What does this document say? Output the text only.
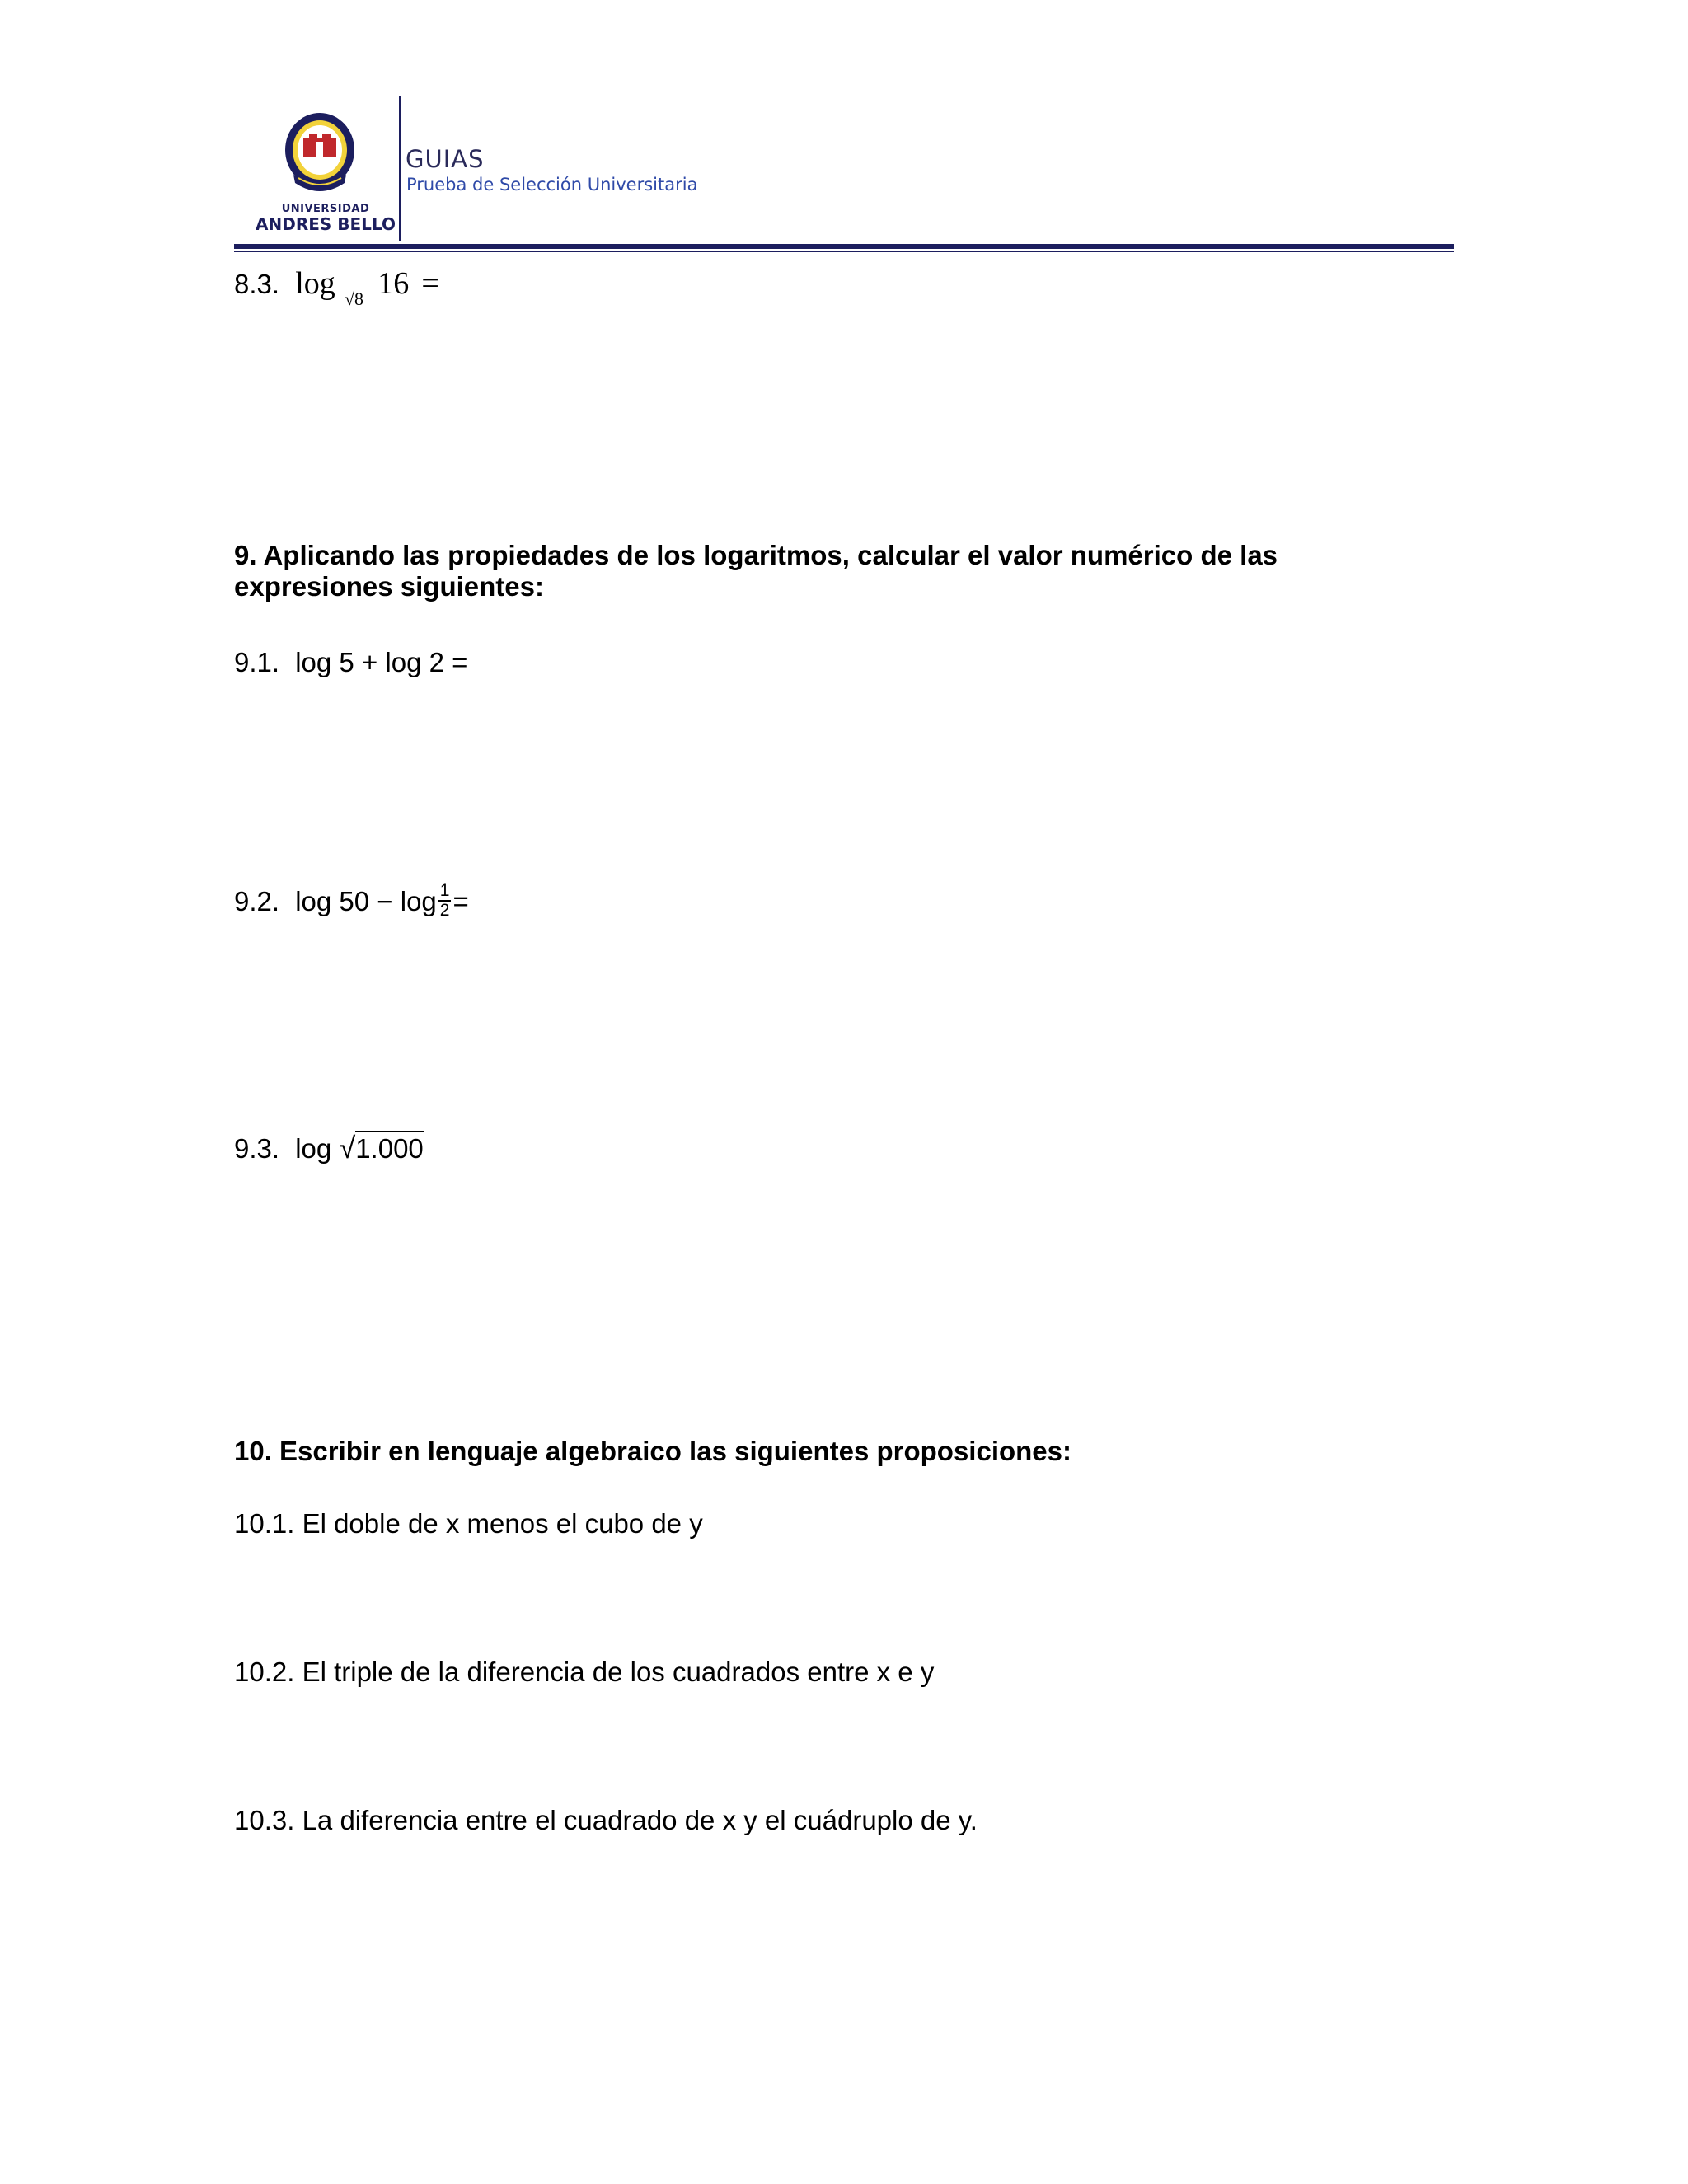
UNIVERSIDAD
ANDRES BELLO
GUIAS
Prueba de Selección Universitaria
8.3. log $_{√8}$ 16 =
9. Aplicando las propiedades de los logaritmos, calcular el valor numérico de las
expresiones siguientes:
9.1. log 5 + log 2 =
9.2. $\log 50 - \log \frac{1}{2}$ =
9.3. log √1.000
10. Escribir en lenguaje algebraico las siguientes proposiciones:
10.1. El doble de x menos el cubo de y
10.2. El triple de la diferencia de los cuadrados entre x e y
10.3. La diferencia entre el cuadrado de x y el cuádruplo de y.
